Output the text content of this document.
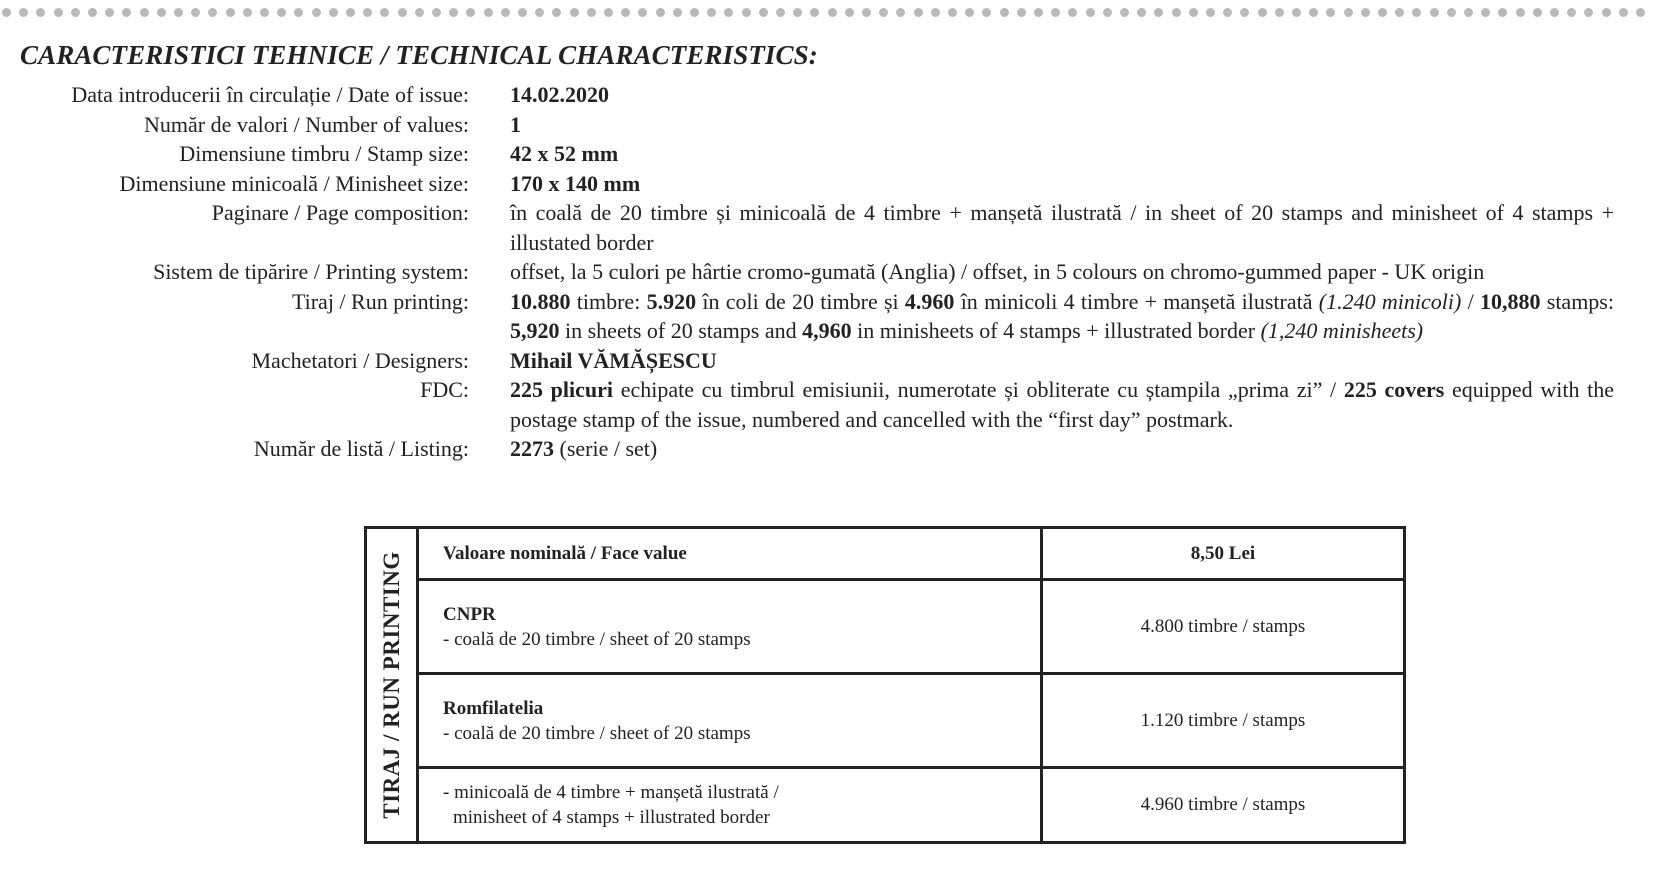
CARACTERISTICI TEHNICE / TECHNICAL CHARACTERISTICS:
Data introducerii în circulație / Date of issue: 14.02.2020
Număr de valori / Number of values: 1
Dimensiune timbru / Stamp size: 42 x 52 mm
Dimensiune minicoală / Minisheet size: 170 x 140 mm
Paginare / Page composition: în coală de 20 timbre și minicoală de 4 timbre + manșetă ilustrată / in sheet of 20 stamps and minisheet of 4 stamps + illustated border
Sistem de tipărire / Printing system: offset, la 5 culori pe hârtie cromo-gumată (Anglia) / offset, in 5 colours on chromo-gummed paper - UK origin
Tiraj / Run printing: 10.880 timbre: 5.920 în coli de 20 timbre și 4.960 în minicoli 4 timbre + manșetă ilustrată (1.240 minicoli) / 10,880 stamps: 5,920 in sheets of 20 stamps and 4,960 in minisheets of 4 stamps + illustrated border (1,240 minisheets)
Machetatori / Designers: Mihail VĂMĂȘESCU
FDC: 225 plicuri echipate cu timbrul emisiunii, numerotate și obliterate cu ștampila „prima zi” / 225 covers equipped with the postage stamp of the issue, numbered and cancelled with the “first day” postmark.
Număr de listă / Listing: 2273 (serie / set)
TIRAJ / RUN PRINTING	Valoare nominală / Face value	8,50 Lei
CNPR
- coală de 20 timbre / sheet of 20 stamps
4.800 timbre / stamps
Romfilatelia
- coală de 20 timbre / sheet of 20 stamps
1.120 timbre / stamps
- minicoală de 4 timbre + manșetă ilustrată /
minisheet of 4 stamps + illustrated border
4.960 timbre / stamps
